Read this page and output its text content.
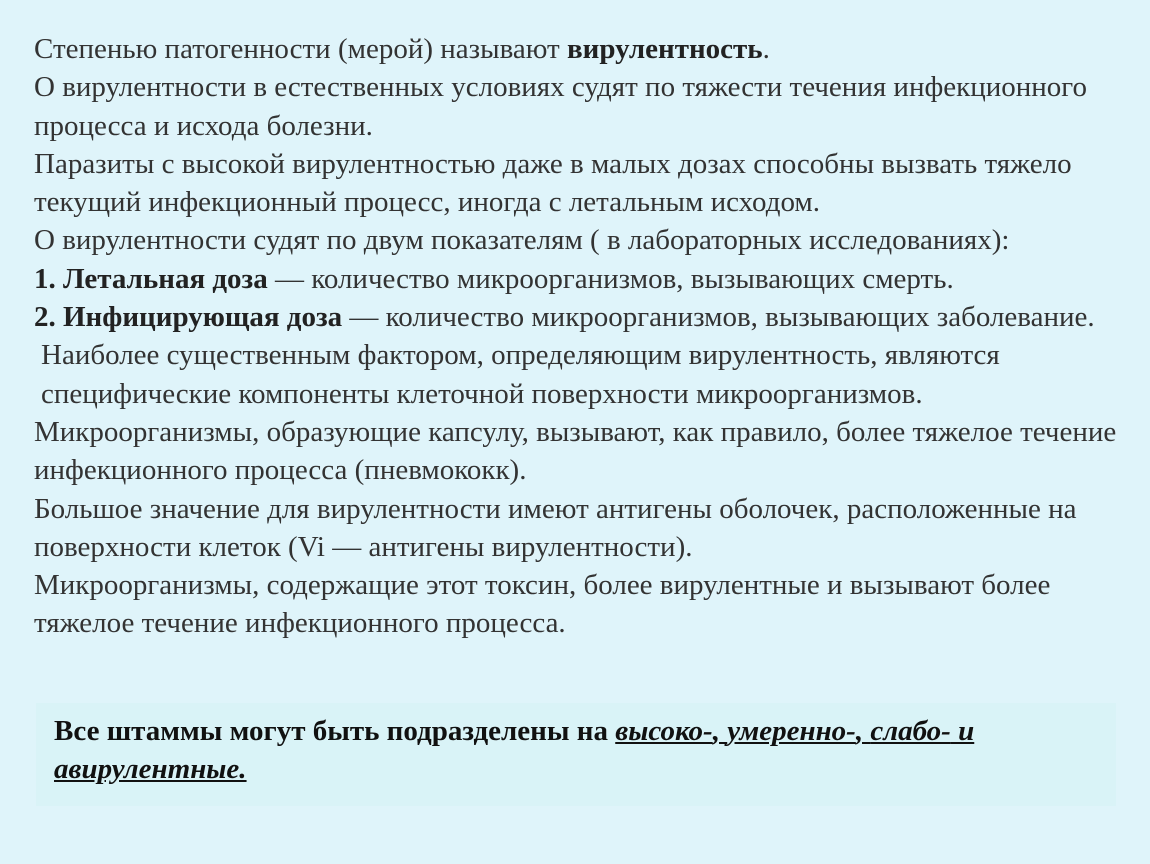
Степенью патогенности (мерой) называют вирулентность.

О вирулентности в естественных условиях судят по тяжести течения инфекционного процесса и исхода болезни.

Паразиты с высокой вирулентностью даже в малых дозах способны вызвать тяжело текущий инфекционный процесс, иногда с летальным исходом.

О вирулентности судят по двум показателям ( в лабораторных исследованиях):

1. Летальная доза — количество микроорганизмов, вызывающих смерть.

2. Инфицирующая доза — количество микроорганизмов, вызывающих заболевание.

Наиболее существенным фактором, определяющим вирулентность, являются специфические компоненты клеточной поверхности микроорганизмов.

Микроорганизмы, образующие капсулу, вызывают, как правило, более тяжелое течение инфекционного процесса (пневмококк).

Большое значение для вирулентности имеют антигены оболочек, расположенные на поверхности клеток (Vi — антигены вирулентности).

Микроорганизмы, содержащие этот токсин, более вирулентные и вызывают более тяжелое течение инфекционного процесса.

Все штаммы могут быть подразделены на высоко-, умеренно-, слабо- и авирулентные.
